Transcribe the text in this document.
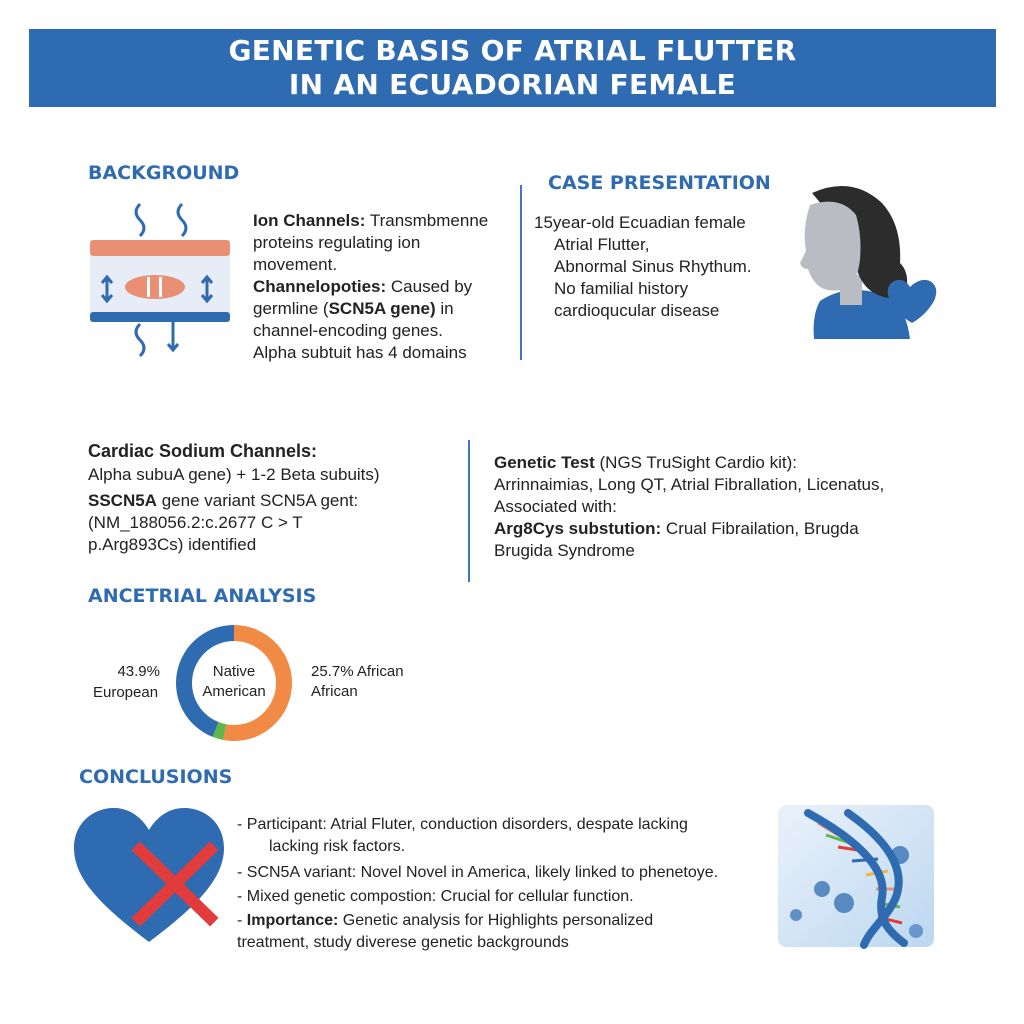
GENETIC BASIS OF ATRIAL FLUTTER
IN AN ECUADORIAN FEMALE
BACKGROUND
Ion Channels: Transmbmenne
proteins regulating ion
movement.
Channelopoties: Caused by
germline (SCN5A gene) in
channel-encoding genes.
Alpha subtuit has 4 domains
CASE PRESENTATION
15year-old Ecuadian female
Atrial Flutter,
Abnormal Sinus Rhythum.
No familial history
cardioqucular disease
Cardiac Sodium Channels:
Alpha subuA gene) + 1-2 Beta subuits)
SSCN5A gene variant SCN5A gent:
(NM_188056.2:c.2677 C > T
p.Arg893Cs) identified
Genetic Test (NGS TruSight Cardio kit):
Arrinnaimias, Long QT, Atrial Fibrallation, Licenatus,
Associated with:
Arg8Cys substution: Crual Fibrailation, Brugda
Brugida Syndrome
ANCETRIAL ANALYSIS
43.9%
European
Native
American
25.7% African
African
CONCLUSIONS
- Participant: Atrial Fluter, conduction disorders, despate lacking
lacking risk factors.
- SCN5A variant: Novel Novel in America, likely linked to phenetoye.
- Mixed genetic compostion: Crucial for cellular function.
- Importance: Genetic analysis for Highlights personalized
treatment, study diverese genetic backgrounds
